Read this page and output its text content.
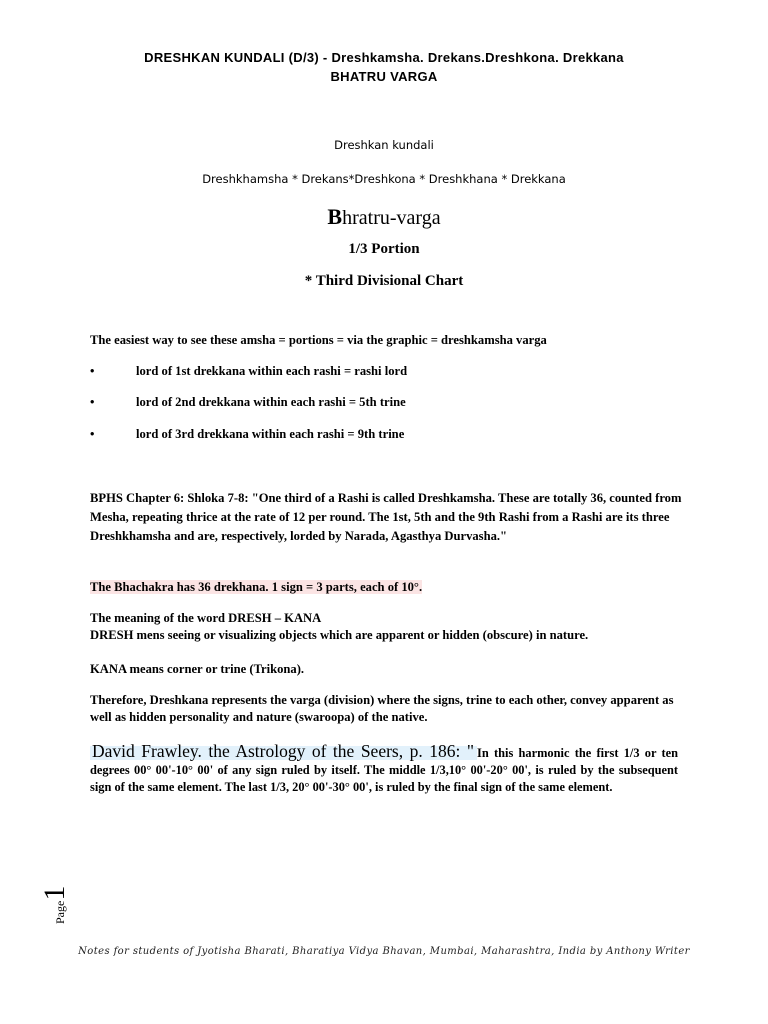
DRESHKAN KUNDALI (D/3) - Dreshkamsha. Drekans.Dreshkona. Drekkana
BHATRU VARGA
Dreshkan kundali
Dreshkhamsha * Drekans*Dreshkona * Dreshkhana * Drekkana
Bhratru-varga
1/3 Portion
* Third Divisional Chart
The easiest way to see these amsha = portions = via the graphic = dreshkamsha varga
•	lord of 1st drekkana within each rashi = rashi lord
•	lord of 2nd drekkana within each rashi = 5th trine
•	lord of 3rd drekkana within each rashi = 9th trine

BPHS Chapter 6: Shloka 7-8: "One third of a Rashi is called Dreshkamsha. These are totally 36, counted from Mesha, repeating thrice at the rate of 12 per round. The 1st, 5th and the 9th Rashi from a Rashi are its three Dreshkhamsha and are, respectively, lorded by Narada, Agasthya Durvasha."

The Bhachakra has 36 drekhana. 1 sign = 3 parts, each of 10°.
The meaning of the word DRESH – KANA
DRESH mens seeing or visualizing objects which are apparent or hidden (obscure) in nature.
KANA means corner or trine (Trikona).

Therefore, Dreshkana represents the varga (division) where the signs, trine to each other, convey apparent as well as hidden personality and nature (swaroopa) of the native.

David Frawley. the Astrology of the Seers, p. 186: " In this harmonic the first 1/3 or ten degrees 00° 00'-10° 00' of any sign ruled by itself. The middle 1/3,10° 00'-20° 00', is ruled by the subsequent sign of the same element. The last 1/3, 20° 00'-30° 00', is ruled by the final sign of the same element.
Page1
Notes for students of Jyotisha Bharati, Bharatiya Vidya Bhavan, Mumbai, Maharashtra, India by Anthony Writer
